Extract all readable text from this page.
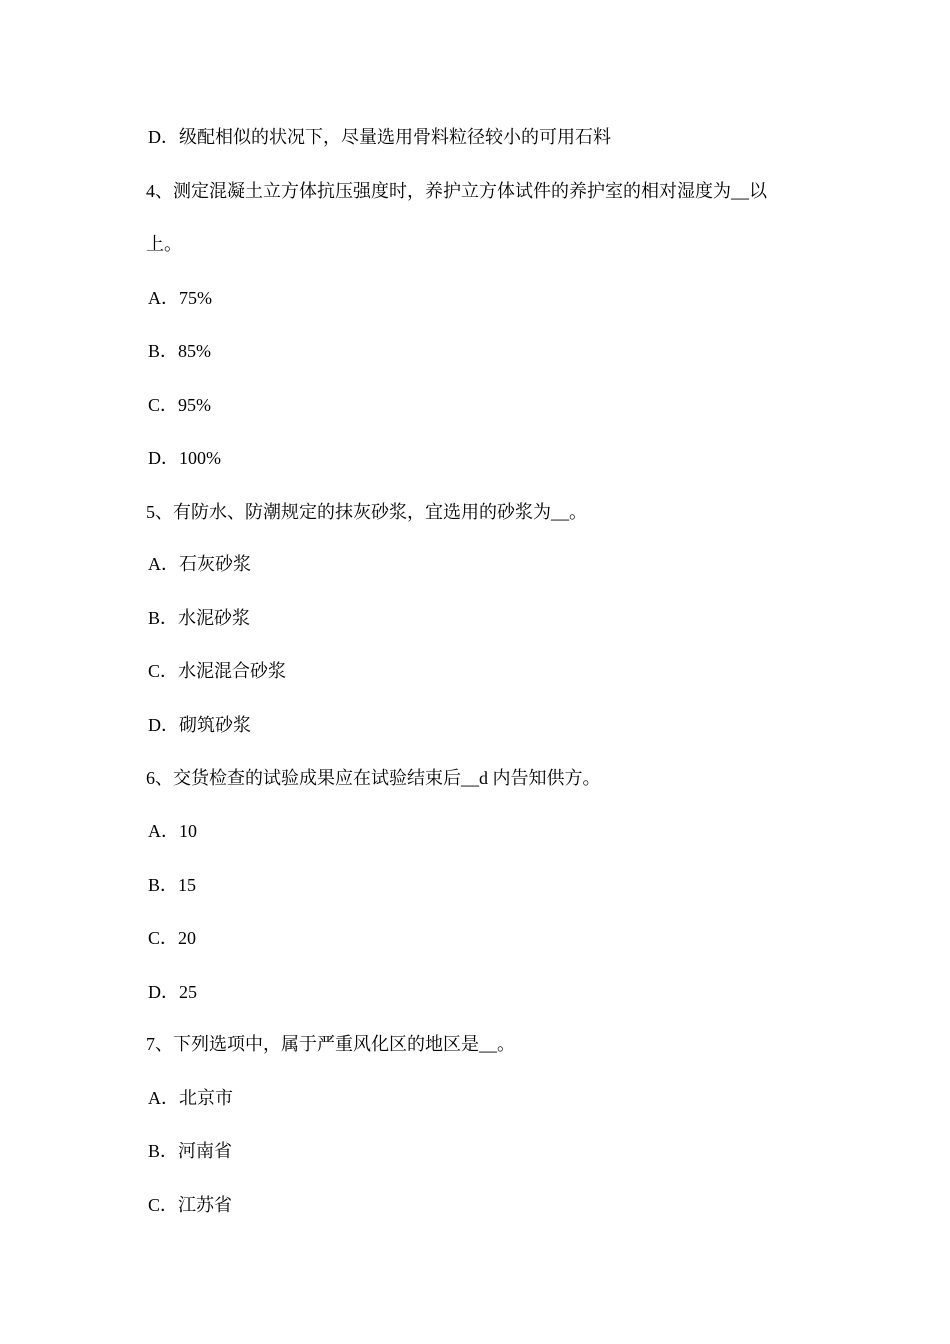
D．级配相似的状况下，尽量选用骨料粒径较小的可用石料
4、测定混凝土立方体抗压强度时，养护立方体试件的养护室的相对湿度为__以
上。
A．75%
B．85%
C．95%
D．100%
5、有防水、防潮规定的抹灰砂浆，宜选用的砂浆为__。
A．石灰砂浆
B．水泥砂浆
C．水泥混合砂浆
D．砌筑砂浆
6、交货检查的试验成果应在试验结束后__d 内告知供方。
A．10
B．15
C．20
D．25
7、下列选项中，属于严重风化区的地区是__。
A．北京市
B．河南省
C．江苏省
